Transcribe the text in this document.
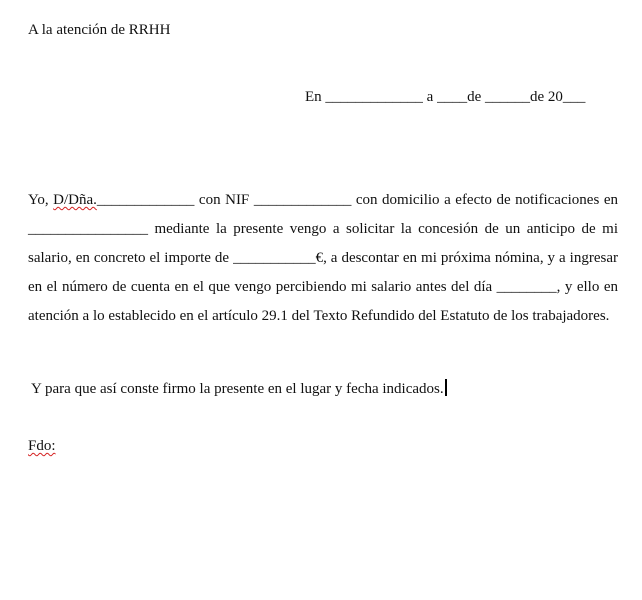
A la atención de RRHH
En _____________ a ____de ______de 20___
Yo, D/Dña._____________ con NIF _____________ con domicilio a efecto de notificaciones en ________________ mediante la presente vengo a solicitar la concesión de un anticipo de mi salario, en concreto el importe de ___________€, a descontar en mi próxima nómina, y a ingresar en el número de cuenta en el que vengo percibiendo mi salario antes del día ________, y ello en atención a lo establecido en el artículo 29.1 del Texto Refundido del Estatuto de los trabajadores.
Y para que así conste firmo la presente en el lugar y fecha indicados.
Fdo:
